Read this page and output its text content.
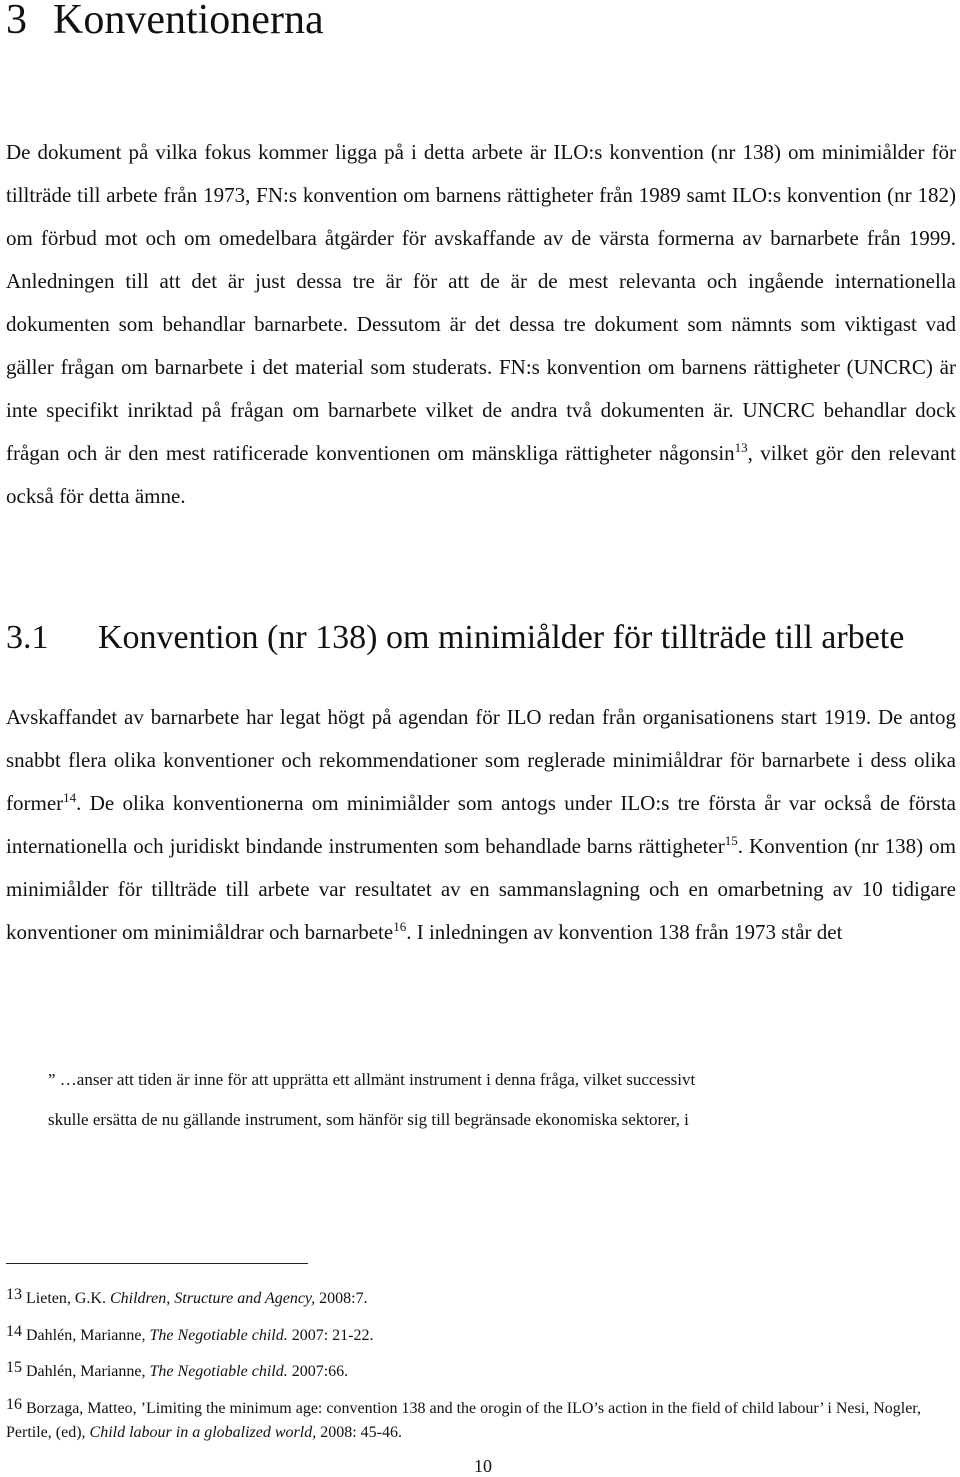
3 Konventionerna

De dokument på vilka fokus kommer ligga på i detta arbete är ILO:s konvention (nr 138) om minimiålder för tillträde till arbete från 1973, FN:s konvention om barnens rättigheter från 1989 samt ILO:s konvention (nr 182) om förbud mot och om omedelbara åtgärder för avskaffande av de värsta formerna av barnarbete från 1999. Anledningen till att det är just dessa tre är för att de är de mest relevanta och ingående internationella dokumenten som behandlar barnarbete. Dessutom är det dessa tre dokument som nämnts som viktigast vad gäller frågan om barnarbete i det material som studerats. FN:s konvention om barnens rättigheter (UNCRC) är inte specifikt inriktad på frågan om barnarbete vilket de andra två dokumenten är. UNCRC behandlar dock frågan och är den mest ratificerade konventionen om mänskliga rättigheter någonsin$^{13}$, vilket gör den relevant också för detta ämne.

3.1 Konvention (nr 138) om minimiålder för tillträde till arbete

Avskaffandet av barnarbete har legat högt på agendan för ILO redan från organisationens start 1919. De antog snabbt flera olika konventioner och rekommendationer som reglerade minimiåldrar för barnarbete i dess olika former$^{14}$. De olika konventionerna om minimiålder som antogs under ILO:s tre första år var också de första internationella och juridiskt bindande instrumenten som behandlade barns rättigheter$^{15}$. Konvention (nr 138) om minimiålder för tillträde till arbete var resultatet av en sammanslagning och en omarbetning av 10 tidigare konventioner om minimiåldrar och barnarbete$^{16}$. I inledningen av konvention 138 från 1973 står det

” …anser att tiden är inne för att upprätta ett allmänt instrument i denna fråga, vilket successivt
skulle ersätta de nu gällande instrument, som hänför sig till begränsade ekonomiska sektorer, i

13 Lieten, G.K. Children, Structure and Agency, 2008:7.

14 Dahlén, Marianne, The Negotiable child. 2007: 21-22.

15 Dahlén, Marianne, The Negotiable child. 2007:66.

16 Borzaga, Matteo, ’Limiting the minimum age: convention 138 and the orogin of the ILO’s action in the field of child labour’ i Nesi, Nogler, Pertile, (ed), Child labour in a globalized world, 2008: 45-46.

10
